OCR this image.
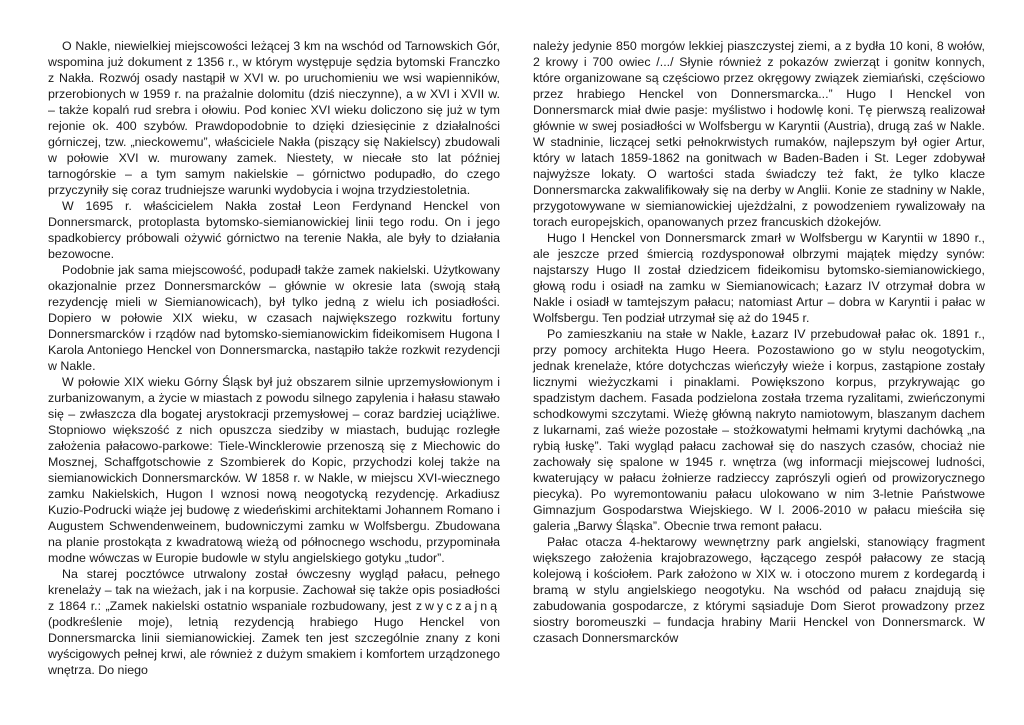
O Nakle, niewielkiej miejscowości leżącej 3 km na wschód od Tarnowskich Gór, wspomina już dokument z 1356 r., w którym występuje sędzia bytomski Franczko z Nakła. Rozwój osady nastąpił w XVI w. po uruchomieniu we wsi wapienników, przerobionych w 1959 r. na prażalnie dolomitu (dziś nieczynne), a w XVI i XVII w. – także kopalń rud srebra i ołowiu. Pod koniec XVI wieku doliczono się już w tym rejonie ok. 400 szybów. Prawdopodobnie to dzięki dziesięcinie z działalności górniczej, tzw. „nieckowemu”, właściciele Nakła (piszący się Nakielscy) zbudowali w połowie XVI w. murowany zamek. Niestety, w niecałe sto lat później tarnogórskie – a tym samym nakielskie – górnictwo podupadło, do czego przyczyniły się coraz trudniejsze warunki wydobycia i wojna trzydziestoletnia.

W 1695 r. właścicielem Nakła został Leon Ferdynand Henckel von Donnersmarck, protoplasta bytomsko-siemianowickiej linii tego rodu. On i jego spadkobiercy próbowali ożywić górnictwo na terenie Nakła, ale były to działania bezowocne.

Podobnie jak sama miejscowość, podupadł także zamek nakielski. Użytkowany okazjonalnie przez Donnersmarcków – głównie w okresie lata (swoją stałą rezydencję mieli w Siemianowicach), był tylko jedną z wielu ich posiadłości. Dopiero w połowie XIX wieku, w czasach największego rozkwitu fortuny Donnersmarcków i rządów nad bytomsko-siemianowickim fideikomisem Hugona I Karola Antoniego Henckel von Donnersmarcka, nastąpiło także rozkwit rezydencji w Nakle.

W połowie XIX wieku Górny Śląsk był już obszarem silnie uprzemysłowionym i zurbanizowanym, a życie w miastach z powodu silnego zapylenia i hałasu stawało się – zwłaszcza dla bogatej arystokracji przemysłowej – coraz bardziej uciążliwe. Stopniowo większość z nich opuszcza siedziby w miastach, budując rozległe założenia pałacowo-parkowe: Tiele-Wincklerowie przenoszą się z Miechowic do Mosznej, Schaffgotschowie z Szombierek do Kopic, przychodzi kolej także na siemianowickich Donnersmarcków. W 1858 r. w Nakle, w miejscu XVI-wiecznego zamku Nakielskich, Hugon I wznosi nową neogotycką rezydencję. Arkadiusz Kuzio-Podrucki wiąże jej budowę z wiedeńskimi architektami Johannem Romano i Augustem Schwendenweinem, budowniczymi zamku w Wolfsbergu. Zbudowana na planie prostokąta z kwadratową wieżą od północnego wschodu, przypominała modne wówczas w Europie budowle w stylu angielskiego gotyku „tudor”.

Na starej pocztówce utrwalony został ówczesny wygląd pałacu, pełnego krenelaży – tak na wieżach, jak i na korpusie. Zachował się także opis posiadłości z 1864 r.: „Zamek nakielski ostatnio wspaniale rozbudowany, jest zwyczajną (podkreślenie moje), letnią rezydencją hrabiego Hugo Henckel von Donnersmarcka linii siemianowickiej. Zamek ten jest szczególnie znany z koni wyścigowych pełnej krwi, ale również z dużym smakiem i komfortem urządzonego wnętrza. Do niego

należy jedynie 850 morgów lekkiej piaszczystej ziemi, a z bydła 10 koni, 8 wołów, 2 krowy i 700 owiec /.../ Słynie również z pokazów zwierząt i gonitw konnych, które organizowane są częściowo przez okręgowy związek ziemiański, częściowo przez hrabiego Henckel von Donnersmarcka...” Hugo I Henckel von Donnersmarck miał dwie pasje: myślistwo i hodowlę koni. Tę pierwszą realizował głównie w swej posiadłości w Wolfsbergu w Karyntii (Austria), drugą zaś w Nakle. W stadninie, liczącej setki pełnokrwistych rumaków, najlepszym był ogier Artur, który w latach 1859-1862 na gonitwach w Baden-Baden i St. Leger zdobywał najwyższe lokaty. O wartości stada świadczy też fakt, że tylko klacze Donnersmarcka zakwalifikowały się na derby w Anglii. Konie ze stadniny w Nakle, przygotowywane w siemianowickiej ujeżdżalni, z powodzeniem rywalizowały na torach europejskich, opanowanych przez francuskich dżokejów.

Hugo I Henckel von Donnersmarck zmarł w Wolfsbergu w Karyntii w 1890 r., ale jeszcze przed śmiercią rozdysponował olbrzymi majątek między synów: najstarszy Hugo II został dziedzicem fideikomisu bytomsko-siemianowickiego, głową rodu i osiadł na zamku w Siemianowicach; Łazarz IV otrzymał dobra w Nakle i osiadł w tamtejszym pałacu; natomiast Artur – dobra w Karyntii i pałac w Wolfsbergu. Ten podział utrzymał się aż do 1945 r.

Po zamieszkaniu na stałe w Nakle, Łazarz IV przebudował pałac ok. 1891 r., przy pomocy architekta Hugo Heera. Pozostawiono go w stylu neogotyckim, jednak krenelaże, które dotychczas wieńczyły wieże i korpus, zastąpione zostały licznymi wieżyczkami i pinaklami. Powiększono korpus, przykrywając go spadzistym dachem. Fasada podzielona została trzema ryzalitami, zwieńczonymi schodkowymi szczytami. Wieżę główną nakryto namiotowym, blaszanym dachem z lukarnami, zaś wieże pozostałe – stożkowatymi hełmami krytymi dachówką „na rybią łuskę”. Taki wygląd pałacu zachował się do naszych czasów, chociaż nie zachowały się spalone w 1945 r. wnętrza (wg informacji miejscowej ludności, kwaterujący w pałacu żołnierze radzieccy zaprószyli ogień od prowizorycznego piecyka). Po wyremontowaniu pałacu ulokowano w nim 3-letnie Państwowe Gimnazjum Gospodarstwa Wiejskiego. W l. 2006-2010 w pałacu mieściła się galeria „Barwy Śląska”. Obecnie trwa remont pałacu.

Pałac otacza 4-hektarowy wewnętrzny park angielski, stanowiący fragment większego założenia krajobrazowego, łączącego zespół pałacowy ze stacją kolejową i kościołem. Park założono w XIX w. i otoczono murem z kordegardą i bramą w stylu angielskiego neogotyku. Na wschód od pałacu znajdują się zabudowania gospodarcze, z którymi sąsiaduje Dom Sierot prowadzony przez siostry boromeuszki – fundacja hrabiny Marii Henckel von Donnersmarck. W czasach Donnersmarcków
